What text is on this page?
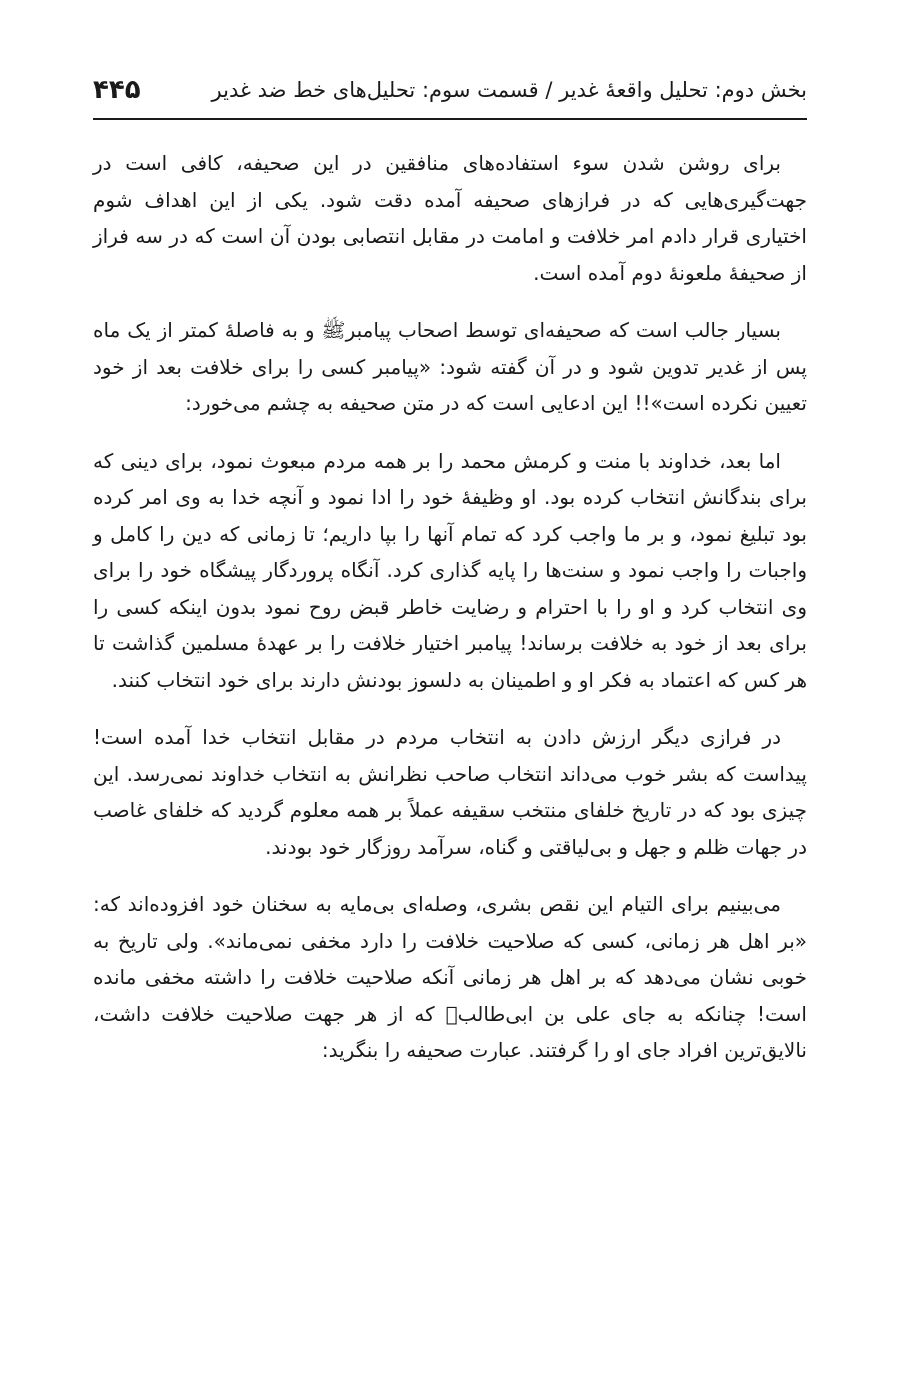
بخش دوم: تحلیل واقعهٔ غدیر / قسمت سوم: تحلیل‌های خط ضد غدیر
۴۴۵

برای روشن شدن سوء استفاده‌های منافقین در این صحیفه، کافی است در جهت‌گیری‌هایی که در فرازهای صحیفه آمده دقت شود. یکی از این اهداف شوم اختیاری قرار دادم امر خلافت و امامت در مقابل انتصابی بودن آن است که در سه فراز از صحیفهٔ ملعونهٔ دوم آمده است.

بسیار جالب است که صحیفه‌ای توسط اصحاب پیامبرﷺ و به فاصلهٔ کمتر از یک ماه پس از غدیر تدوین شود و در آن گفته شود: «پیامبر کسی را برای خلافت بعد از خود تعیین نکرده است»!! این ادعایی است که در متن صحیفه به چشم می‌خورد:

اما بعد، خداوند با منت و کرمش محمد را بر همه مردم مبعوث نمود، برای دینی که برای بندگانش انتخاب کرده بود. او وظیفهٔ خود را ادا نمود و آنچه خدا به وی امر کرده بود تبلیغ نمود، و بر ما واجب کرد که تمام آنها را بپا داریم؛ تا زمانی که دین را کامل و واجبات را واجب نمود و سنت‌ها را پایه گذاری کرد. آنگاه پروردگار پیشگاه خود را برای وی انتخاب کرد و او را با احترام و رضایت خاطر قبض روح نمود بدون اینکه کسی را برای بعد از خود به خلافت برساند! پیامبر اختیار خلافت را بر عهدهٔ مسلمین گذاشت تا هر کس که اعتماد به فکر او و اطمینان به دلسوز بودنش دارند برای خود انتخاب کنند.

در فرازی دیگر ارزش دادن به انتخاب مردم در مقابل انتخاب خدا آمده است! پیداست که بشر خوب می‌داند انتخاب صاحب نظرانش به انتخاب خداوند نمی‌رسد. این چیزی بود که در تاریخ خلفای منتخب سقیفه عملاً بر همه معلوم گردید که خلفای غاصب در جهات ظلم و جهل و بی‌لیاقتی و گناه، سرآمد روزگار خود بودند.

می‌بینیم برای التیام این نقص بشری، وصله‌ای بی‌مایه به سخنان خود افزوده‌اند که: «بر اهل هر زمانی، کسی که صلاحیت خلافت را دارد مخفی نمی‌ماند». ولی تاریخ به خوبی نشان می‌دهد که بر اهل هر زمانی آنکه صلاحیت خلافت را داشته مخفی مانده است! چنانکه به جای علی بن ابی‌طالبؑ که از هر جهت صلاحیت خلافت داشت، نالایق‌ترین افراد جای او را گرفتند. عبارت صحیفه را بنگرید:
